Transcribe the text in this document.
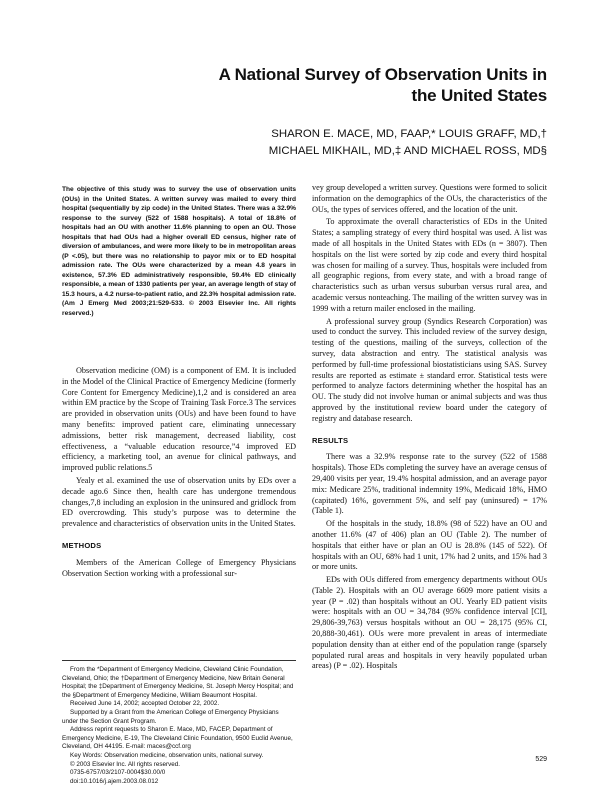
A National Survey of Observation Units in the United States
SHARON E. MACE, MD, FAAP,* LOUIS GRAFF, MD,†
MICHAEL MIKHAIL, MD,‡ AND MICHAEL ROSS, MD§
The objective of this study was to survey the use of observation units (OUs) in the United States. A written survey was mailed to every third hospital (sequentially by zip code) in the United States. There was a 32.9% response to the survey (522 of 1588 hospitals). A total of 18.8% of hospitals had an OU with another 11.6% planning to open an OU. Those hospitals that had OUs had a higher overall ED census, higher rate of diversion of ambulances, and were more likely to be in metropolitan areas (P <.05), but there was no relationship to payor mix or to ED hospital admission rate. The OUs were characterized by a mean 4.8 years in existence, 57.3% ED administratively responsible, 59.4% ED clinically responsible, a mean of 1330 patients per year, an average length of stay of 15.3 hours, a 4.2 nurse-to-patient ratio, and 22.3% hospital admission rate. (Am J Emerg Med 2003;21:529-533. © 2003 Elsevier Inc. All rights reserved.)

Observation medicine (OM) is a component of EM. It is included in the Model of the Clinical Practice of Emergency Medicine (formerly Core Content for Emergency Medicine),1,2 and is considered an area within EM practice by the Scope of Training Task Force.3 The services are provided in observation units (OUs) and have been found to have many benefits: improved patient care, eliminating unnecessary admissions, better risk management, decreased liability, cost effectiveness, a “valuable education resource,”4 improved ED efficiency, a marketing tool, an avenue for clinical pathways, and improved public relations.5

Yealy et al. examined the use of observation units by EDs over a decade ago.6 Since then, health care has undergone tremendous changes,7,8 including an explosion in the uninsured and gridlock from ED overcrowding. This study’s purpose was to determine the prevalence and characteristics of observation units in the United States.

METHODS

Members of the American College of Emergency Physicians Observation Section working with a professional sur-

From the *Department of Emergency Medicine, Cleveland Clinic Foundation, Cleveland, Ohio; the †Department of Emergency Medicine, New Britain General Hospital; the ‡Department of Emergency Medicine, St. Joseph Mercy Hospital; and the §Department of Emergency Medicine, William Beaumont Hospital.

Received June 14, 2002; accepted October 22, 2002.

Supported by a Grant from the American College of Emergency Physicians under the Section Grant Program.

Address reprint requests to Sharon E. Mace, MD, FACEP, Department of Emergency Medicine, E-19, The Cleveland Clinic Foundation, 9500 Euclid Avenue, Cleveland, OH 44195. E-mail: maces@ccf.org

Key Words: Observation medicine, observation units, national survey.

© 2003 Elsevier Inc. All rights reserved.

0735-6757/03/2107-0004$30.00/0

doi:10.1016/j.ajem.2003.08.012

vey group developed a written survey. Questions were formed to solicit information on the demographics of the OUs, the characteristics of the OUs, the types of services offered, and the location of the unit.

To approximate the overall characteristics of EDs in the United States; a sampling strategy of every third hospital was used. A list was made of all hospitals in the United States with EDs (n = 3807). Then hospitals on the list were sorted by zip code and every third hospital was chosen for mailing of a survey. Thus, hospitals were included from all geographic regions, from every state, and with a broad range of characteristics such as urban versus suburban versus rural area, and academic versus nonteaching. The mailing of the written survey was in 1999 with a return mailer enclosed in the mailing.

A professional survey group (Syndics Research Corporation) was used to conduct the survey. This included review of the survey design, testing of the questions, mailing of the surveys, collection of the survey, data abstraction and entry. The statistical analysis was performed by full-time professional biostatisticians using SAS. Survey results are reported as estimate ± standard error. Statistical tests were performed to analyze factors determining whether the hospital has an OU. The study did not involve human or animal subjects and was thus approved by the institutional review board under the category of registry and database research.

RESULTS

There was a 32.9% response rate to the survey (522 of 1588 hospitals). Those EDs completing the survey have an average census of 29,400 visits per year, 19.4% hospital admission, and an average payor mix: Medicare 25%, traditional indemnity 19%, Medicaid 18%, HMO (capitated) 16%, government 5%, and self pay (uninsured) = 17% (Table 1).

Of the hospitals in the study, 18.8% (98 of 522) have an OU and another 11.6% (47 of 406) plan an OU (Table 2). The number of hospitals that either have or plan an OU is 28.8% (145 of 522). Of hospitals with an OU, 68% had 1 unit, 17% had 2 units, and 15% had 3 or more units.

EDs with OUs differed from emergency departments without OUs (Table 2). Hospitals with an OU average 6609 more patient visits a year (P = .02) than hospitals without an OU. Yearly ED patient visits were: hospitals with an OU = 34,784 (95% confidence interval [CI], 29,806-39,763) versus hospitals without an OU = 28,175 (95% CI, 20,888-30,461). OUs were more prevalent in areas of intermediate population density than at either end of the population range (sparsely populated rural areas and hospitals in very heavily populated urban areas) (P = .02). Hospitals

529
